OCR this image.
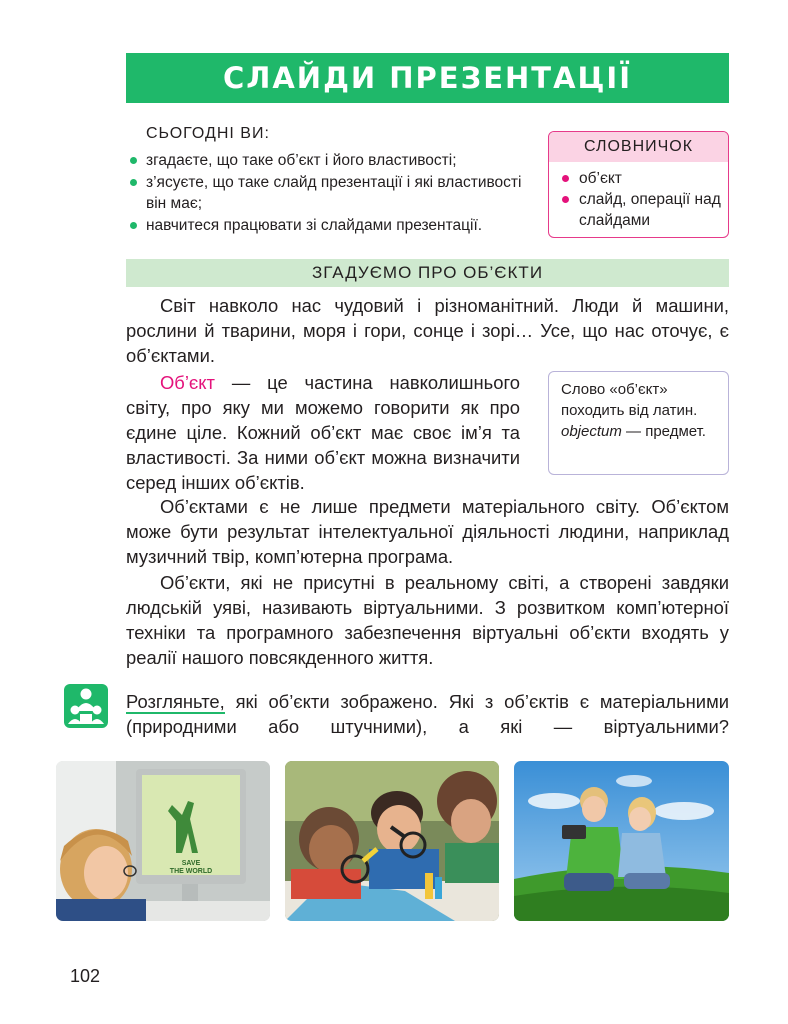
СЛАЙДИ ПРЕЗЕНТАЦІЇ
СЬОГОДНІ ВИ:
згадаєте, що таке об’єкт і його властивості;
з’ясуєте, що таке слайд презентації і які властивості він має;
навчитеся працювати зі слайдами презентації.
СЛОВНИЧОК
об’єкт
слайд, операції над слайдами
ЗГАДУЄМО ПРО ОБ’ЄКТИ
Світ навколо нас чудовий і різноманітний. Люди й машини, рослини й тварини, моря і гори, сонце і зорі… Усе, що нас оточує, є об’єктами.
Об’єкт — це частина навколишнього світу, про яку ми можемо говорити як про єдине ціле. Кожний об’єкт має своє ім’я та властивості. За ними об’єкт можна визначити серед інших об’єктів.
Слово «об’єкт» походить від латин. objectum — предмет.
Об’єктами є не лише предмети матеріального світу. Об’єктом може бути результат інтелектуальної діяльності людини, наприклад музичний твір, комп’ютерна програма.
Об’єкти, які не присутні в реальному світі, а створені завдяки людській уяві, називають віртуальними. З розвитком комп’ютерної техніки та програмного забезпечення віртуальні об’єкти входять у реалії нашого повсякденного життя.
Розгляньте, які об’єкти зображено. Які з об’єктів є матеріальними (природними або штучними), а які — віртуальними?
SAVE
THE WORLD
102
